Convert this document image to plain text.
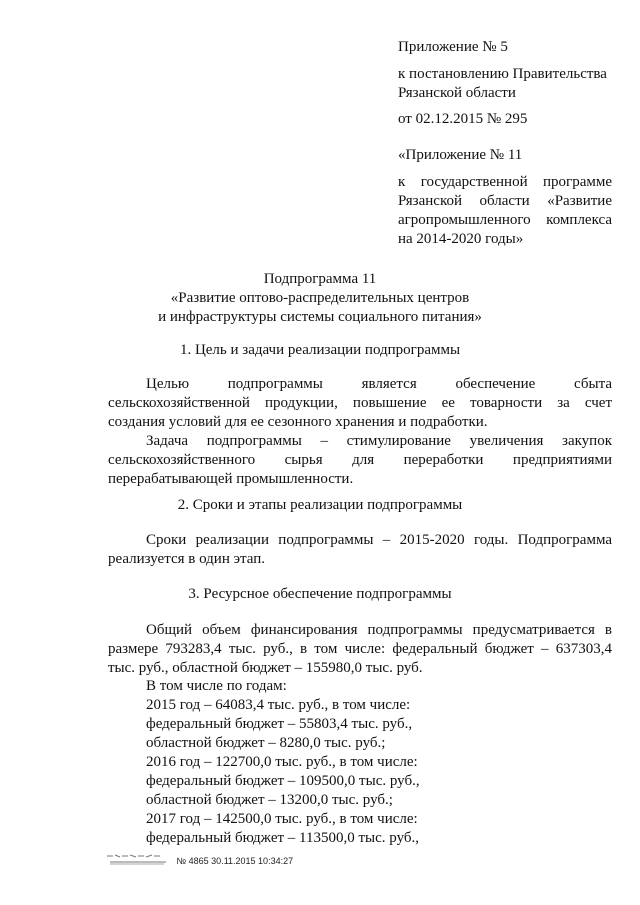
Приложение № 5
к постановлению Правительства
Рязанской области
от 02.12.2015 № 295
«Приложение № 11
к государственной программе
Рязанской области «Развитие
агропромышленного комплекса
на 2014-2020 годы»
Подпрограмма 11
«Развитие оптово-распределительных центров
и инфраструктуры системы социального питания»
1. Цель и задачи реализации подпрограммы
Целью подпрограммы является обеспечение сбыта
сельскохозяйственной продукции, повышение ее товарности за счет
создания условий для ее сезонного хранения и подработки.
Задача подпрограммы – стимулирование увеличения закупок
сельскохозяйственного сырья для переработки предприятиями
перерабатывающей промышленности.
2. Сроки и этапы реализации подпрограммы
Сроки реализации подпрограммы – 2015-2020 годы. Подпрограмма
реализуется в один этап.
3. Ресурсное обеспечение подпрограммы
Общий объем финансирования подпрограммы предусматривается в
размере 793283,4 тыс. руб., в том числе: федеральный бюджет – 637303,4
тыс. руб., областной бюджет – 155980,0 тыс. руб.
В том числе по годам:
2015 год – 64083,4 тыс. руб., в том числе:
федеральный бюджет – 55803,4 тыс. руб.,
областной бюджет – 8280,0 тыс. руб.;
2016 год – 122700,0 тыс. руб., в том числе:
федеральный бюджет – 109500,0 тыс. руб.,
областной бюджет – 13200,0 тыс. руб.;
2017 год – 142500,0 тыс. руб., в том числе:
федеральный бюджет – 113500,0 тыс. руб.,
№ 4865 30.11.2015 10:34:27
